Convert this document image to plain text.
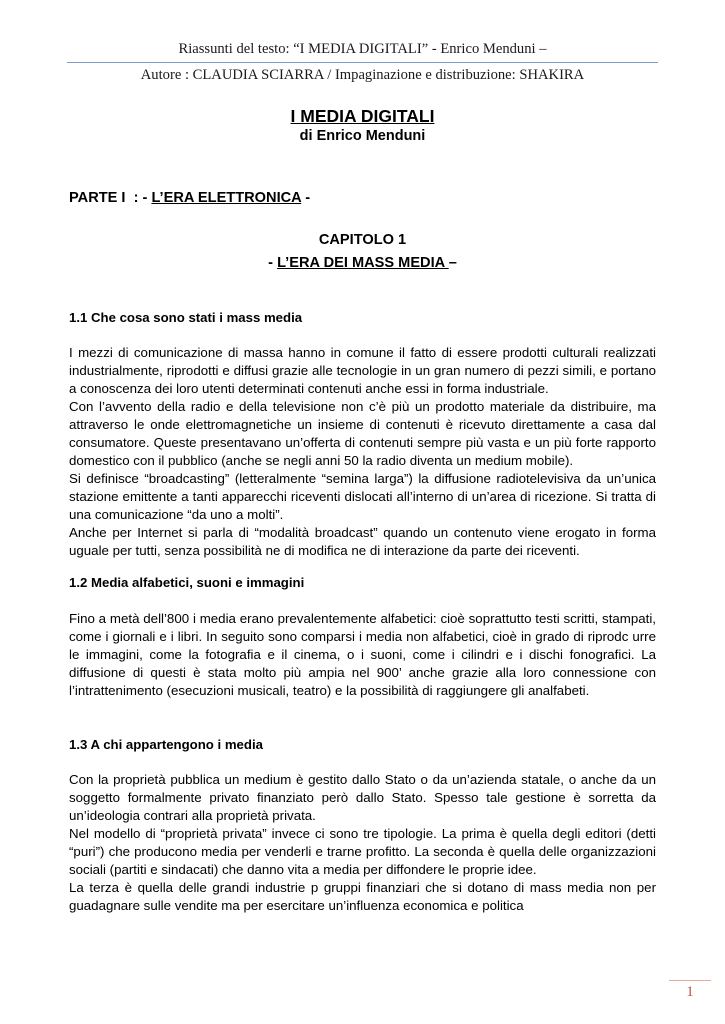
Riassunti del testo: “I MEDIA DIGITALI” - Enrico Menduni –
Autore : CLAUDIA SCIARRA / Impaginazione e distribuzione: SHAKIRA
I MEDIA DIGITALI
di Enrico Menduni
PARTE I  : - L’ERA ELETTRONICA -
CAPITOLO 1
- L’ERA DEI MASS MEDIA –
1.1 Che cosa sono stati i mass media

I mezzi di comunicazione di massa hanno in comune il fatto di essere prodotti culturali realizzati industrialmente, riprodotti e diffusi grazie alle tecnologie in un gran numero di pezzi simili, e portano a conoscenza dei loro utenti determinati contenuti anche essi in forma industriale.

Con l’avvento della radio e della televisione non c’è più un prodotto materiale da distribuire, ma attraverso le onde elettromagnetiche un insieme di contenuti è ricevuto direttamente a casa dal consumatore. Queste presentavano un’offerta di contenuti sempre più vasta e un più forte rapporto domestico con il pubblico (anche se negli anni 50 la radio diventa un medium mobile).

Si definisce “broadcasting” (letteralmente “semina larga”) la diffusione radiotelevisiva da un’unica stazione emittente a tanti apparecchi riceventi dislocati all’interno di un’area di ricezione. Si tratta di una comunicazione “da uno a molti”.

Anche per Internet si parla di “modalità broadcast” quando un contenuto viene erogato in forma uguale per tutti, senza possibilità ne di modifica ne di interazione da parte dei riceventi.

1.2 Media alfabetici, suoni e immagini

Fino a metà dell’800 i media erano prevalentemente alfabetici: cioè soprattutto testi scritti, stampati, come i giornali e i libri. In seguito sono comparsi i media non alfabetici, cioè in grado di riprodc urre le immagini, come la fotografia e il cinema, o i suoni, come i cilindri e i dischi fonografici. La diffusione di questi è stata molto più ampia nel 900’ anche grazie alla loro connessione con l’intrattenimento (esecuzioni musicali, teatro) e la possibilità di raggiungere gli analfabeti.

1.3 A chi appartengono i media

Con la proprietà pubblica un medium è gestito dallo Stato o da un’azienda statale, o anche da un soggetto formalmente privato finanziato però dallo Stato. Spesso tale gestione è sorretta da un’ideologia contrari alla proprietà privata.

Nel modello di “proprietà privata” invece ci sono tre tipologie. La prima è quella degli editori (detti “puri”) che producono media per venderli e trarne profitto. La seconda è quella delle organizzazioni sociali (partiti e sindacati) che danno vita a media per diffondere le proprie idee.

La terza è quella delle grandi industrie p gruppi finanziari che si dotano di mass media non per guadagnare sulle vendite ma per esercitare un’influenza economica e politica

1
